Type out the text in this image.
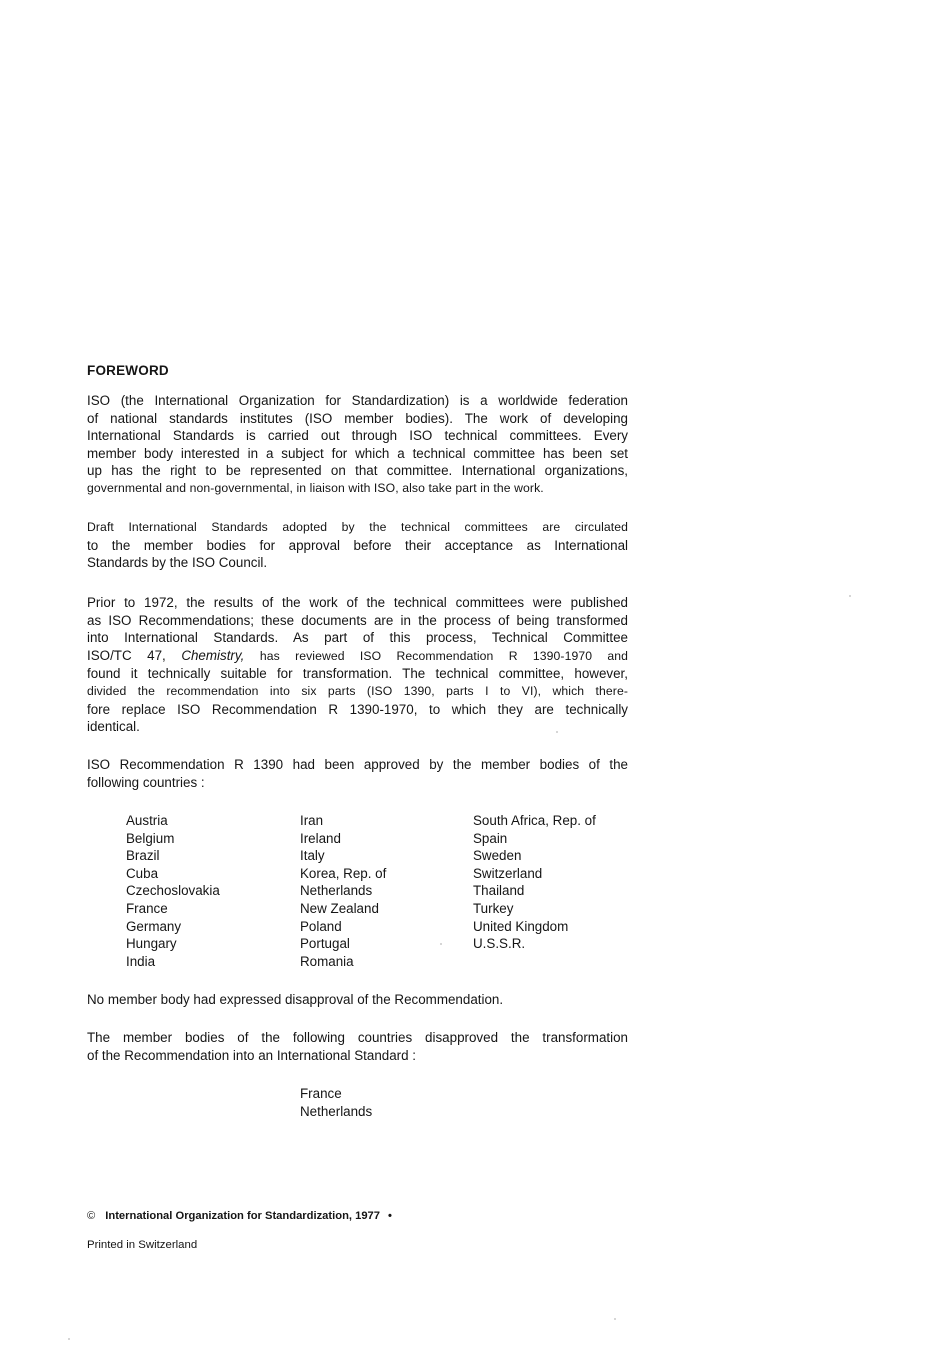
FOREWORD
ISO (the International Organization for Standardization) is a worldwide federation
of national standards institutes (ISO member bodies). The work of developing
International Standards is carried out through ISO technical committees. Every
member body interested in a subject for which a technical committee has been set
up has the right to be represented on that committee. International organizations,
governmental and non-governmental, in liaison with ISO, also take part in the work.
Draft International Standards adopted by the technical committees are circulated
to the member bodies for approval before their acceptance as International
Standards by the ISO Council.
Prior to 1972, the results of the work of the technical committees were published
as ISO Recommendations; these documents are in the process of being transformed
into International Standards. As part of this process, Technical Committee
ISO/TC 47, Chemistry, has reviewed ISO Recommendation R 1390-1970 and
found it technically suitable for transformation. The technical committee, however,
divided the recommendation into six parts (ISO 1390, parts I to VI), which there-
fore replace ISO Recommendation R 1390-1970, to which they are technically
identical.
ISO Recommendation R 1390 had been approved by the member bodies of the
following countries :
Austria
Belgium
Brazil
Cuba
Czechoslovakia
France
Germany
Hungary
India
Iran
Ireland
Italy
Korea, Rep. of
Netherlands
New Zealand
Poland
Portugal
Romania
South Africa, Rep. of
Spain
Sweden
Switzerland
Thailand
Turkey
United Kingdom
U.S.S.R.
No member body had expressed disapproval of the Recommendation.
The member bodies of the following countries disapproved the transformation
of the Recommendation into an International Standard :
France
Netherlands
© International Organization for Standardization, 1977 •
Printed in Switzerland
